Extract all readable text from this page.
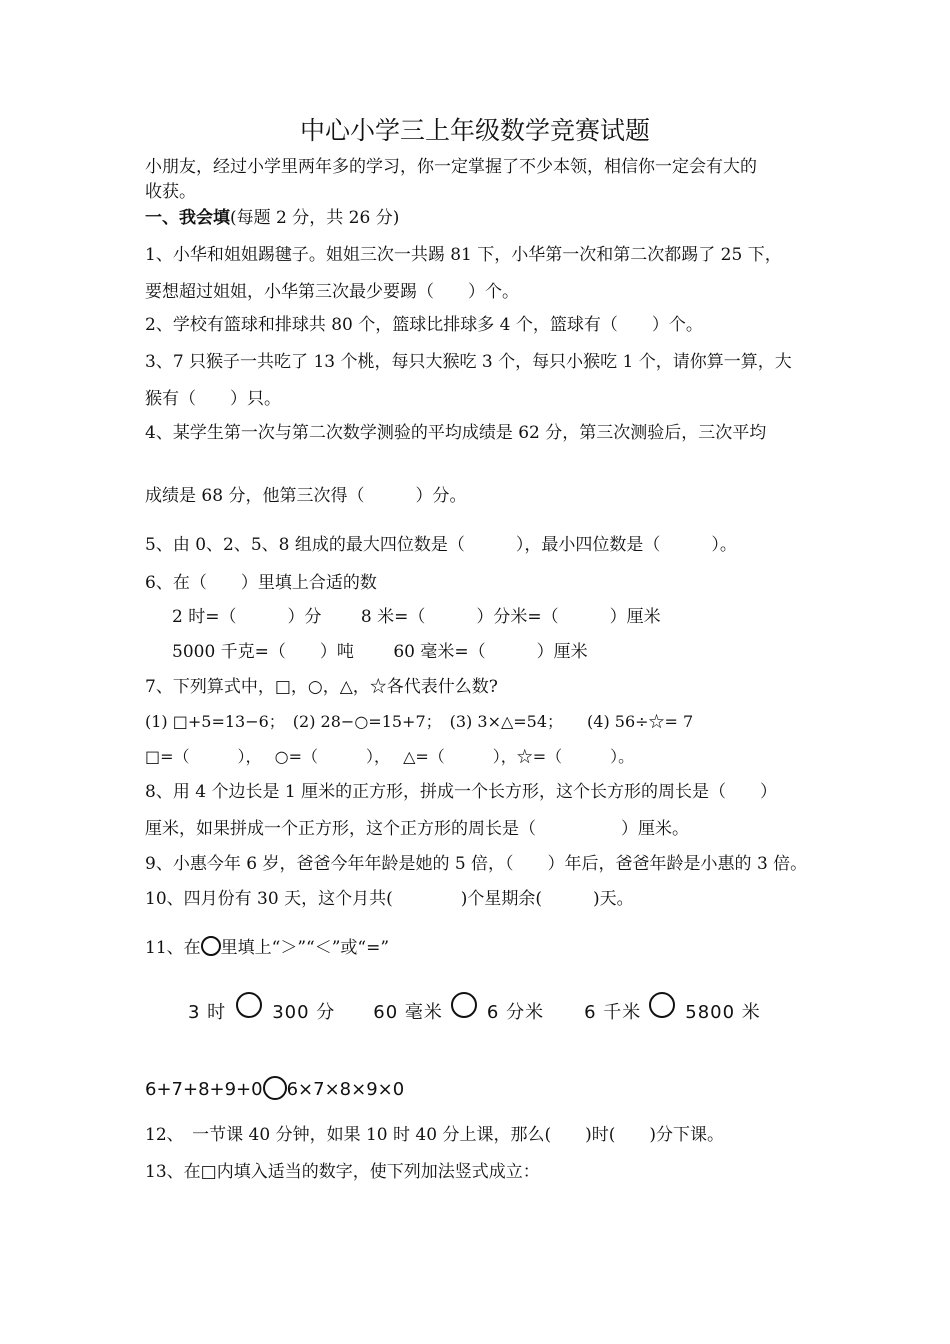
中心小学三上年级数学竞赛试题
小朋友，经过小学里两年多的学习，你一定掌握了不少本领，相信你一定会有大的
收获。
一、我会填(每题 2 分，共 26 分)
1、小华和姐姐踢毽子。姐姐三次一共踢 81 下，小华第一次和第二次都踢了 25 下，
要想超过姐姐，小华第三次最少要踢（　　）个。
2、学校有篮球和排球共 80 个，篮球比排球多 4 个，篮球有（　　）个。
3、7 只猴子一共吃了 13 个桃，每只大猴吃 3 个，每只小猴吃 1 个，请你算一算，大
猴有（　　）只。
4、某学生第一次与第二次数学测验的平均成绩是 62 分，第三次测验后，三次平均
成绩是 68 分，他第三次得（　　　）分。
5、由 0、2、5、8 组成的最大四位数是（　　　），最小四位数是（　　　）。
6、在（　　）里填上合适的数
2 时=（　　　）分　　 8 米=（　　　）分米=（　　　）厘米
5000 千克=（　　）吨　　 60 毫米=（　　　）厘米
7、下列算式中，□，○，△，☆各代表什么数?
(1) □+5=13−6；　(2) 28−○=15+7；　(3) 3×△=54；　　(4) 56÷☆= 7
□=（　　　），　 ○=（　　　），　 △=（　　　），☆=（　　　）。
8、用 4 个边长是 1 厘米的正方形，拼成一个长方形，这个长方形的周长是（　　）
厘米，如果拼成一个正方形，这个正方形的周长是（　　　　　）厘米。
9、小惠今年 6 岁，爸爸今年年龄是她的 5 倍，（　　）年后，爸爸年龄是小惠的 3 倍。
10、四月份有 30 天，这个月共(　　　　)个星期余(　　　)天。
11、在 里填上“＞”“＜”或“=”
3 时	300 分 60 毫米 6 分米 6 千米 5800 米
6+7+8+9+0 6×7×8×9×0
12、　一节课 40 分钟，如果 10 时 40 分上课，那么(　　)时(　　)分下课。
13、在□内填入适当的数字，使下列加法竖式成立：
